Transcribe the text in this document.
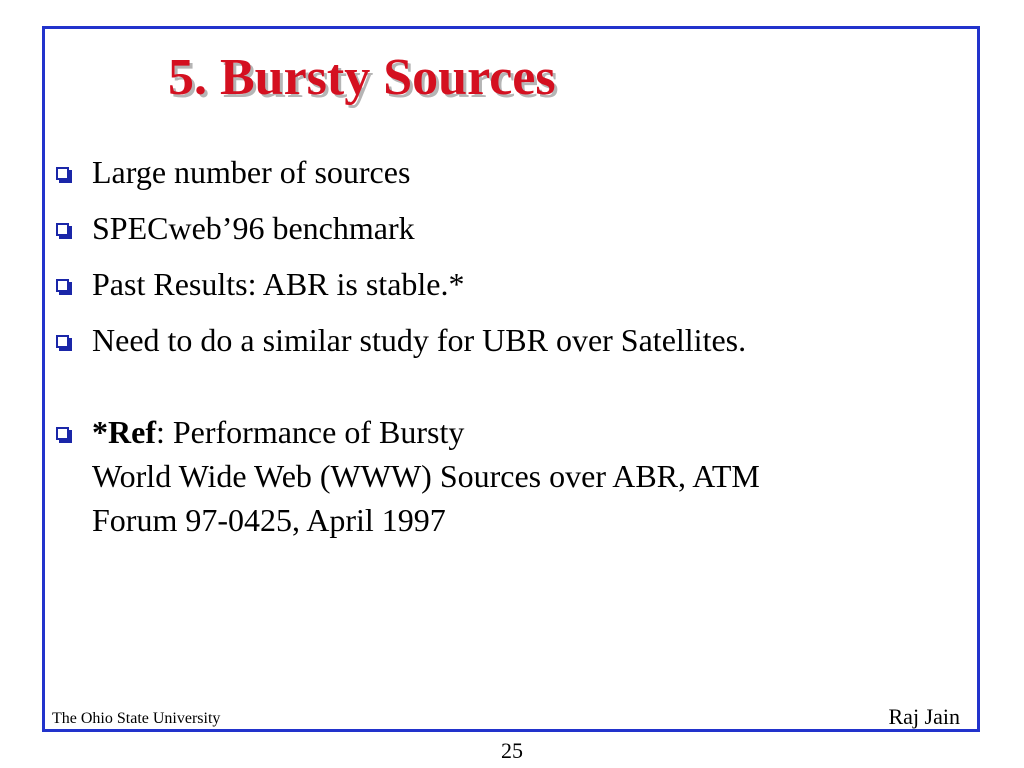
5. Bursty Sources
Large number of sources
SPECweb’96 benchmark
Past Results: ABR is stable.*
Need to do a similar study for UBR over Satellites.
*Ref: Performance of Bursty
World Wide Web (WWW) Sources over ABR, ATM
Forum 97-0425, April 1997
The Ohio State University	Raj Jain
25
